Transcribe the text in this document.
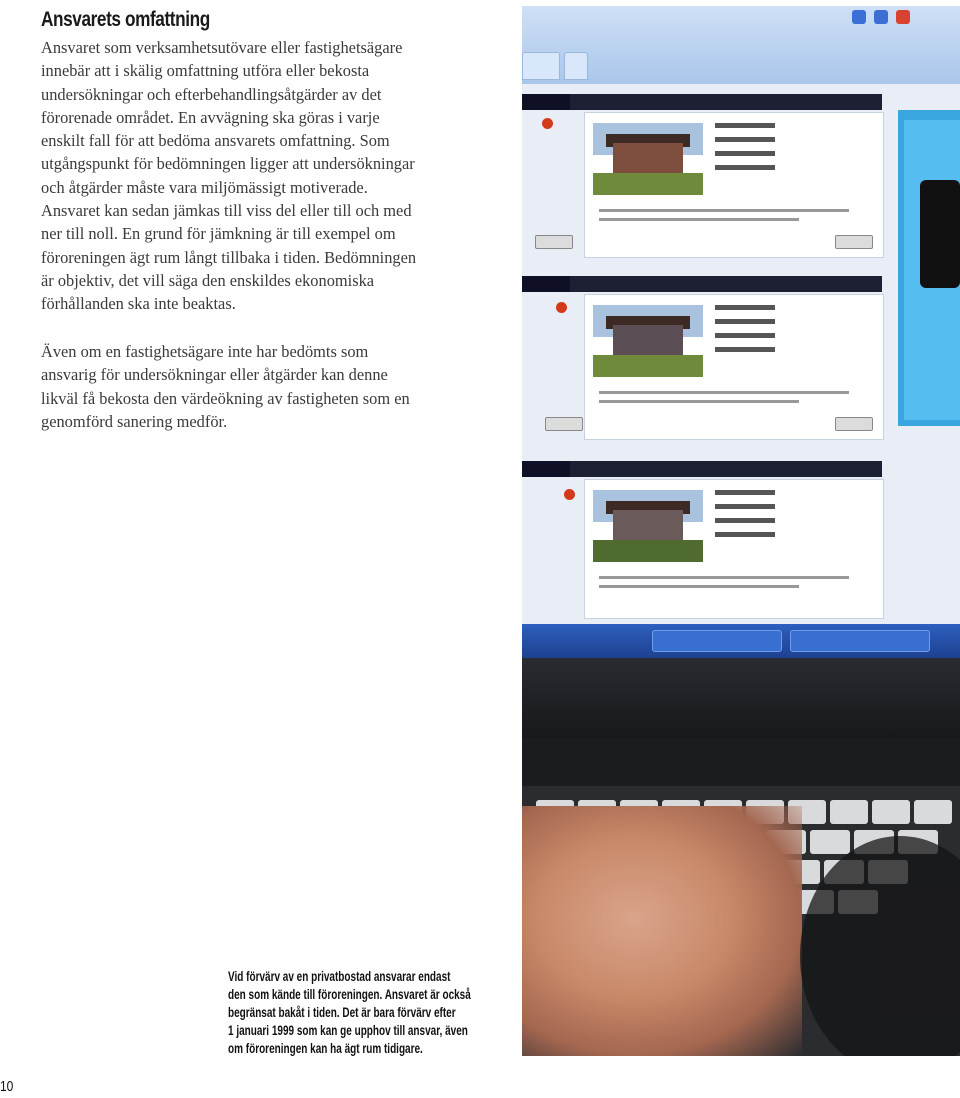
Ansvarets omfattning
Ansvaret som verksamhetsutövare eller fastighetsägare
innebär att i skälig omfattning utföra eller bekosta
undersökningar och efterbehandlingsåtgärder av det
förorenade området. En avvägning ska göras i varje
enskilt fall för att bedöma ansvarets omfattning. Som
utgångspunkt för bedömningen ligger att undersökningar
och åtgärder måste vara miljömässigt motiverade.
Ansvaret kan sedan jämkas till viss del eller till och med
ner till noll. En grund för jämkning är till exempel om
föroreningen ägt rum långt tillbaka i tiden. Bedömningen
är objektiv, det vill säga den enskildes ekonomiska
förhållanden ska inte beaktas.
Även om en fastighetsägare inte har bedömts som
ansvarig för undersökningar eller åtgärder kan denne
likväl få bekosta den värdeökning av fastigheten som en
genomförd sanering medför.
Vid förvärv av en privatbostad ansvarar endast
den som kände till föroreningen. Ansvaret är också
begränsat bakåt i tiden. Det är bara förvärv efter
1 januari 1999 som kan ge upphov till ansvar, även
om föroreningen kan ha ägt rum tidigare.
10
